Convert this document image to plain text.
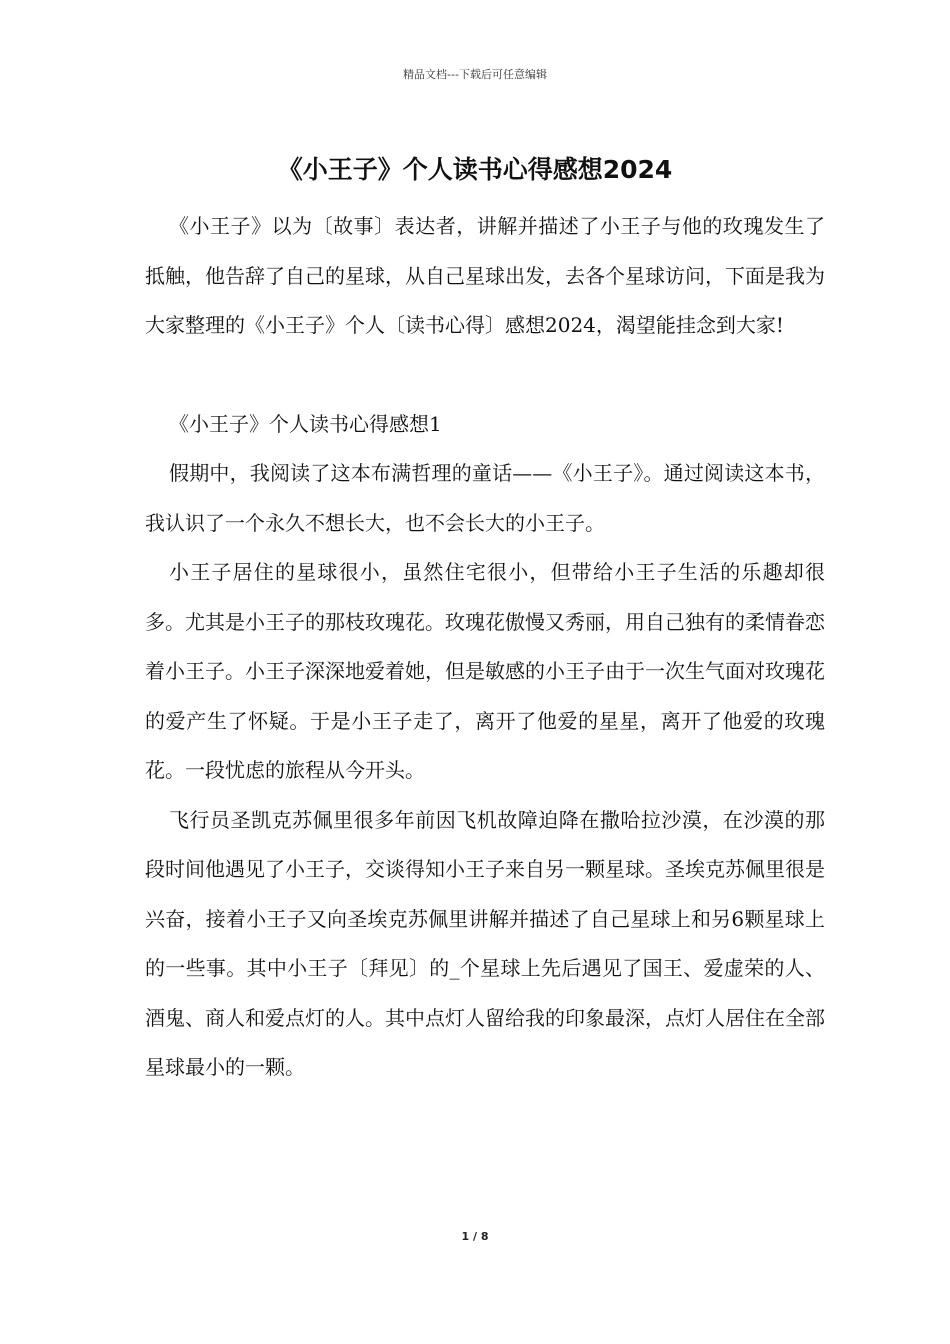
精品文档---下载后可任意编辑
《小王子》个人读书心得感想2024

《小王子》以为〔故事〕表达者，讲解并描述了小王子与他的玫瑰发生了抵触，他告辞了自己的星球，从自己星球出发，去各个星球访问，下面是我为大家整理的《小王子》个人〔读书心得〕感想2024，渴望能挂念到大家!

《小王子》个人读书心得感想1

假期中，我阅读了这本布满哲理的童话——《小王子》。通过阅读这本书，我认识了一个永久不想长大，也不会长大的小王子。

小王子居住的星球很小，虽然住宅很小，但带给小王子生活的乐趣却很多。尤其是小王子的那枝玫瑰花。玫瑰花傲慢又秀丽，用自己独有的柔情眷恋着小王子。小王子深深地爱着她，但是敏感的小王子由于一次生气面对玫瑰花的爱产生了怀疑。于是小王子走了，离开了他爱的星星，离开了他爱的玫瑰花。一段忧虑的旅程从今开头。

飞行员圣凯克苏佩里很多年前因飞机故障迫降在撒哈拉沙漠，在沙漠的那段时间他遇见了小王子，交谈得知小王子来自另一颗星球。圣埃克苏佩里很是兴奋，接着小王子又向圣埃克苏佩里讲解并描述了自己星球上和另6颗星球上的一些事。其中小王子〔拜见〕的_个星球上先后遇见了国王、爱虚荣的人、酒鬼、商人和爱点灯的人。其中点灯人留给我的印象最深，点灯人居住在全部星球最小的一颗。

1 / 8
